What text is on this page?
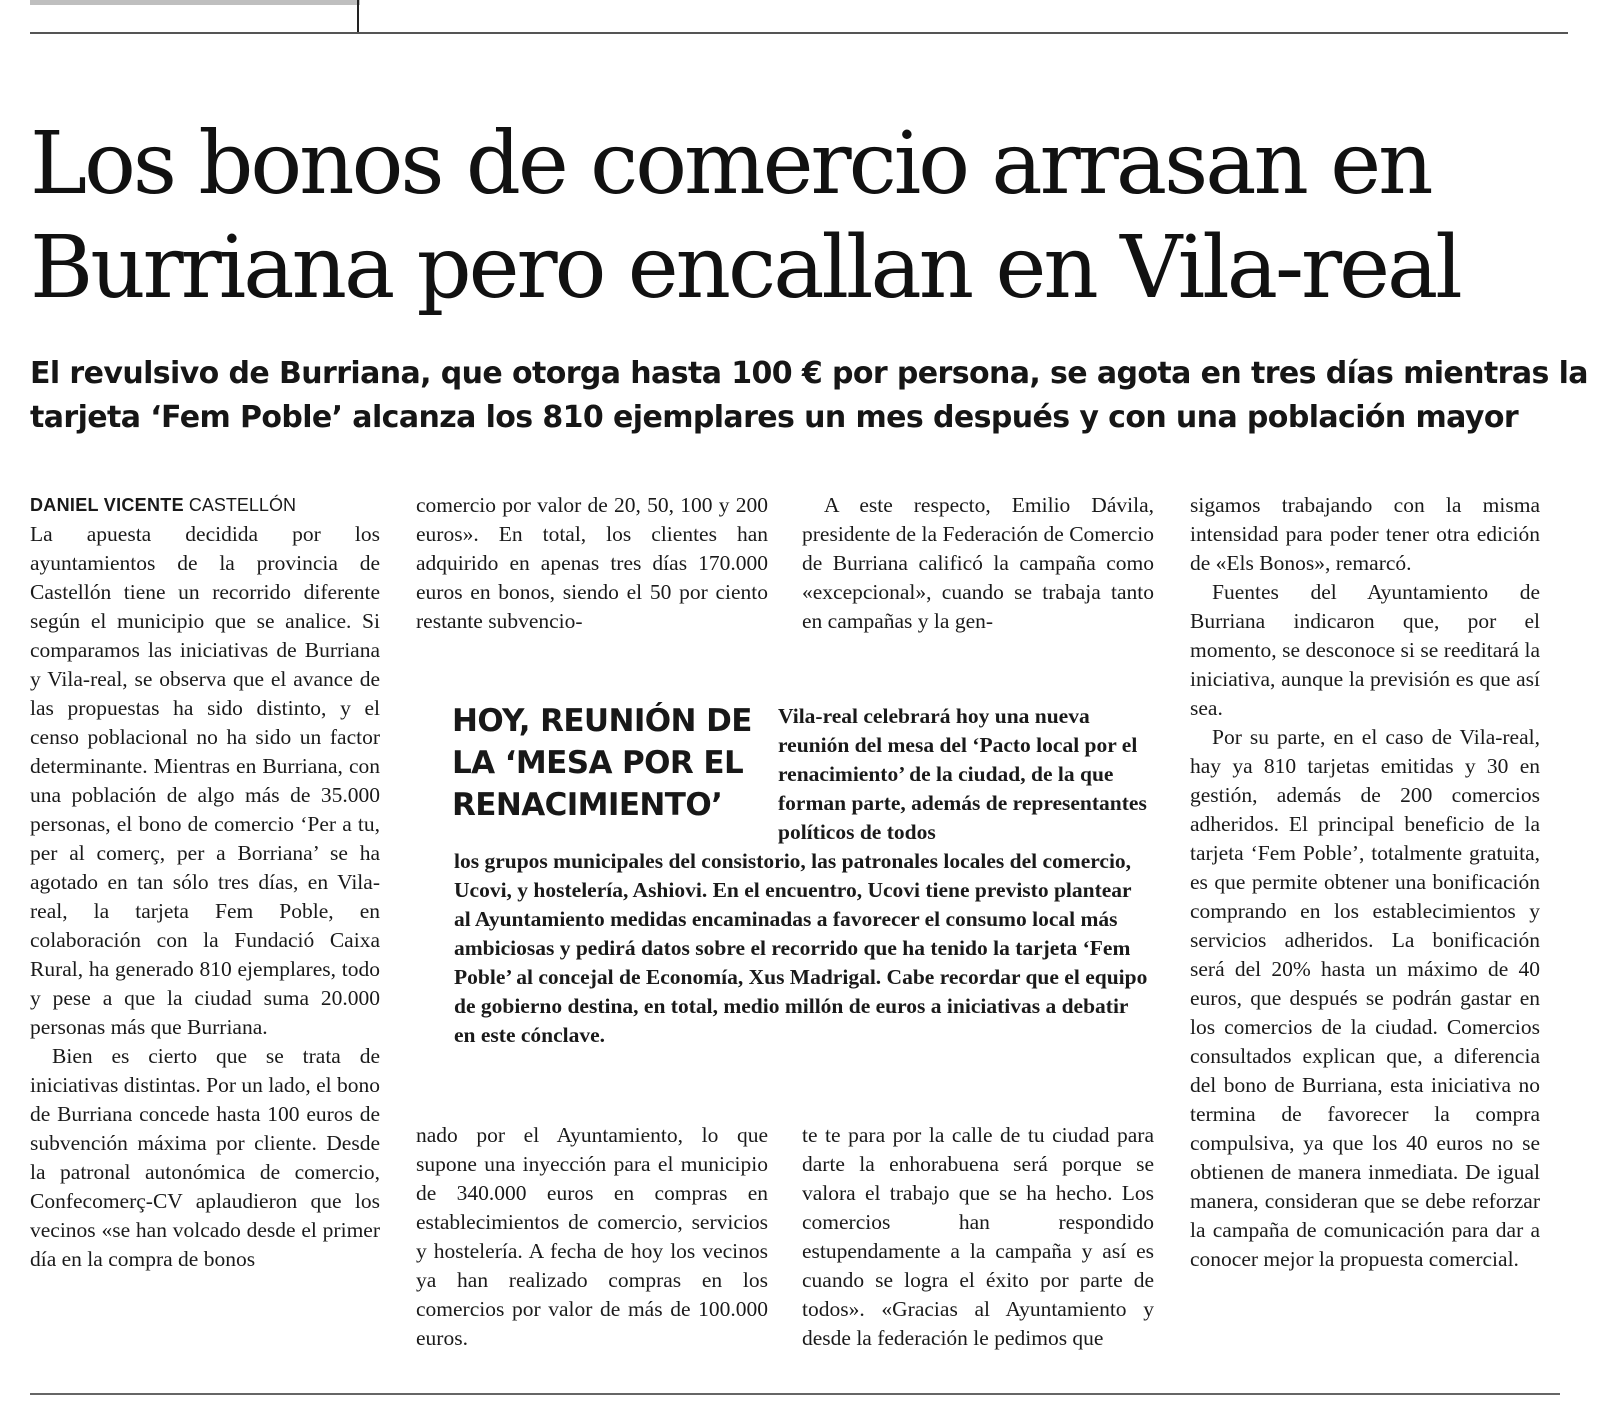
Los bonos de comercio arrasan en Burriana pero encallan en Vila-real
El revulsivo de Burriana, que otorga hasta 100 € por persona, se agota en tres días mientras la tarjeta ‘Fem Poble’ alcanza los 810 ejemplares un mes después y con una población mayor

DANIEL VICENTE CASTELLÓN

La apuesta decidida por los ayuntamientos de la provincia de Castellón tiene un recorrido diferente según el municipio que se analice. Si comparamos las iniciativas de Burriana y Vila-real, se observa que el avance de las propuestas ha sido distinto, y el censo poblacional no ha sido un factor determinante. Mientras en Burriana, con una población de algo más de 35.000 personas, el bono de comercio ‘Per a tu, per al comerç, per a Borriana’ se ha agotado en tan sólo tres días, en Vila-real, la tarjeta Fem Poble, en colaboración con la Fundació Caixa Rural, ha generado 810 ejemplares, todo y pese a que la ciudad suma 20.000 personas más que Burriana.

Bien es cierto que se trata de iniciativas distintas. Por un lado, el bono de Burriana concede hasta 100 euros de subvención máxima por cliente. Desde la patronal autonómica de comercio, Confecomerç-CV aplaudieron que los vecinos «se han volcado desde el primer día en la compra de bonos

comercio por valor de 20, 50, 100 y 200 euros». En total, los clientes han adquirido en apenas tres días 170.000 euros en bonos, siendo el 50 por ciento restante subvencio-

A este respecto, Emilio Dávila, presidente de la Federación de Comercio de Burriana calificó la campaña como «excepcional», cuando se trabaja tanto en campañas y la gen-

sigamos trabajando con la misma intensidad para poder tener otra edición de «Els Bonos», remarcó.

Fuentes del Ayuntamiento de Burriana indicaron que, por el momento, se desconoce si se reeditará la iniciativa, aunque la previsión es que así sea.

Por su parte, en el caso de Vila-real, hay ya 810 tarjetas emitidas y 30 en gestión, además de 200 comercios adheridos. El principal beneficio de la tarjeta ‘Fem Poble’, totalmente gratuita, es que permite obtener una bonificación comprando en los establecimientos y servicios adheridos. La bonificación será del 20% hasta un máximo de 40 euros, que después se podrán gastar en los comercios de la ciudad. Comercios consultados explican que, a diferencia del bono de Burriana, esta iniciativa no termina de favorecer la compra compulsiva, ya que los 40 euros no se obtienen de manera inmediata. De igual manera, consideran que se debe reforzar la campaña de comunicación para dar a conocer mejor la propuesta comercial.

HOY, REUNIÓN DE LA ‘MESA POR EL RENACIMIENTO’

Vila-real celebrará hoy una nueva reunión del mesa del ‘Pacto local por el renacimiento’ de la ciudad, de la que forman parte, además de representantes políticos de todos

los grupos municipales del consistorio, las patronales locales del comercio, Ucovi, y hostelería, Ashiovi. En el encuentro, Ucovi tiene previsto plantear al Ayuntamiento medidas encaminadas a favorecer el consumo local más ambiciosas y pedirá datos sobre el recorrido que ha tenido la tarjeta ‘Fem Poble’ al concejal de Economía, Xus Madrigal. Cabe recordar que el equipo de gobierno destina, en total, medio millón de euros a iniciativas a debatir en este cónclave.

nado por el Ayuntamiento, lo que supone una inyección para el municipio de 340.000 euros en compras en establecimientos de comercio, servicios y hostelería. A fecha de hoy los vecinos ya han realizado compras en los comercios por valor de más de 100.000 euros.

te te para por la calle de tu ciudad para darte la enhorabuena será porque se valora el trabajo que se ha hecho. Los comercios han respondido estupendamente a la campaña y así es cuando se logra el éxito por parte de todos». «Gracias al Ayuntamiento y desde la federación le pedimos que
